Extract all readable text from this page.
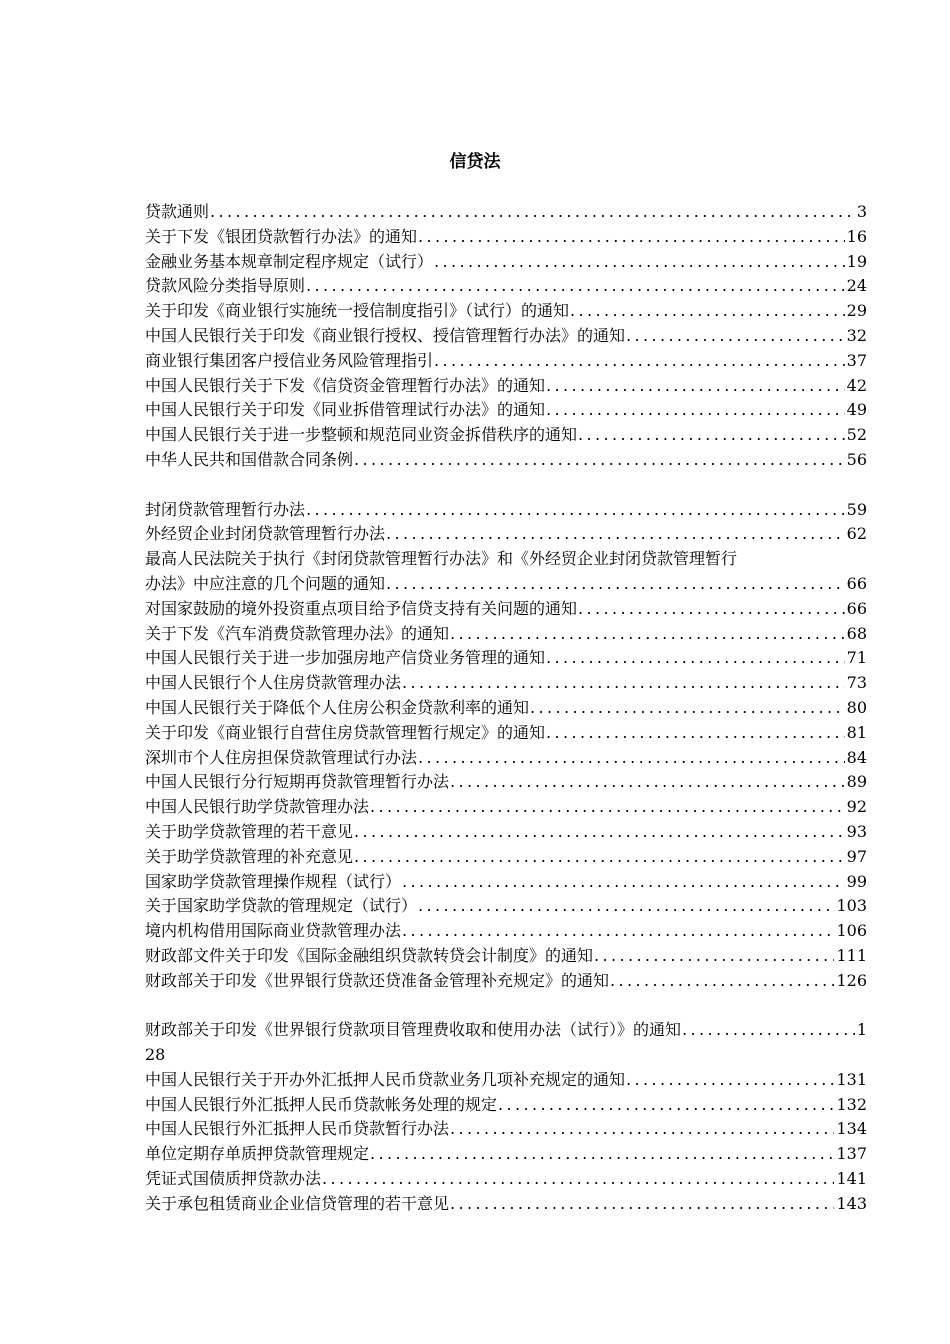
信贷法
贷款通则 .....	3
关于下发《银团贷款暂行办法》的通知 .....	16
金融业务基本规章制定程序规定（试行） .....	19
贷款风险分类指导原则 .....	24
关于印发《商业银行实施统一授信制度指引》（试行）的通知 .....	29
中国人民银行关于印发《商业银行授权、授信管理暂行办法》的通知 .....	32
商业银行集团客户授信业务风险管理指引 .....	37
中国人民银行关于下发《信贷资金管理暂行办法》的通知 .....	42
中国人民银行关于印发《同业拆借管理试行办法》的通知 .....	49
中国人民银行关于进一步整顿和规范同业资金拆借秩序的通知 .....	52
中华人民共和国借款合同条例 .....	56
封闭贷款管理暂行办法 .....	59
外经贸企业封闭贷款管理暂行办法 .....	62
最高人民法院关于执行《封闭贷款管理暂行办法》和《外经贸企业封闭贷款管理暂行
办法》中应注意的几个问题的通知 .....	66
对国家鼓励的境外投资重点项目给予信贷支持有关问题的通知 .....	66
关于下发《汽车消费贷款管理办法》的通知 .....	68
中国人民银行关于进一步加强房地产信贷业务管理的通知 .....	71
中国人民银行个人住房贷款管理办法 .....	73
中国人民银行关于降低个人住房公积金贷款利率的通知 .....	80
关于印发《商业银行自营住房贷款管理暂行规定》的通知 .....	81
深圳市个人住房担保贷款管理试行办法 .....	84
中国人民银行分行短期再贷款管理暂行办法 .....	89
中国人民银行助学贷款管理办法 .....	92
关于助学贷款管理的若干意见 .....	93
关于助学贷款管理的补充意见 .....	97
国家助学贷款管理操作规程（试行） .....	99
关于国家助学贷款的管理规定（试行） .....	103
境内机构借用国际商业贷款管理办法 .....	106
财政部文件关于印发《国际金融组织贷款转贷会计制度》的通知 .....	111
财政部关于印发《世界银行贷款还贷准备金管理补充规定》的通知 .....	126
财政部关于印发《世界银行贷款项目管理费收取和使用办法（试行）》的通知 .....	1
28
中国人民银行关于开办外汇抵押人民币贷款业务几项补充规定的通知 .....	131
中国人民银行外汇抵押人民币贷款帐务处理的规定 .....	132
中国人民银行外汇抵押人民币贷款暂行办法 .....	134
单位定期存单质押贷款管理规定 .....	137
凭证式国债质押贷款办法 .....	141
关于承包租赁商业企业信贷管理的若干意见 .....	143
